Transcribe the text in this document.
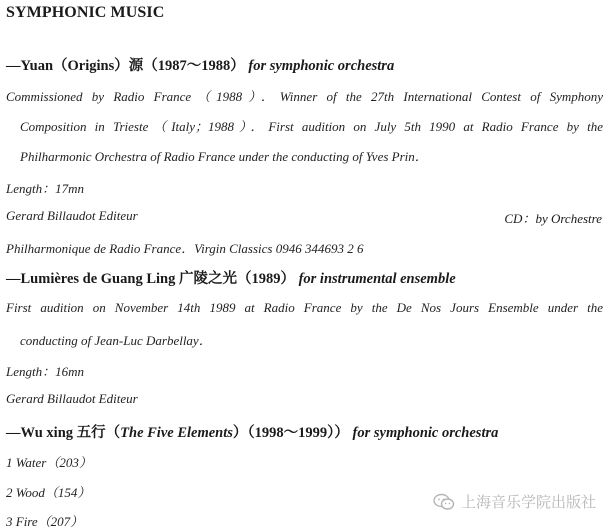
SYMPHONIC MUSIC

—Yuan（Origins）源（1987～1988） for symphonic orchestra

Commissioned by Radio France（1988）．Winner of the 27th International Contest of Symphony

Composition in Trieste（Italy；1988）．First audition on July 5th 1990 at Radio France by the

Philharmonic Orchestra of Radio France under the conducting of Yves Prin．

Length：17mn

Gerard Billaudot Editeur	CD：by Orchestre

Philharmonique de Radio France．Virgin Classics 0946 344693 2 6

—Lumières de Guang Ling 广陵之光（1989） for instrumental ensemble

First audition on November 14th 1989 at Radio France by the De Nos Jours Ensemble under the

conducting of Jean-Luc Darbellay．

Length：16mn

Gerard Billaudot Editeur

—Wu xing 五行（The Five Elements）（1998～1999）） for symphonic orchestra

1 Water（203）

2 Wood（154）

3 Fire（207）

上海音乐学院出版社
